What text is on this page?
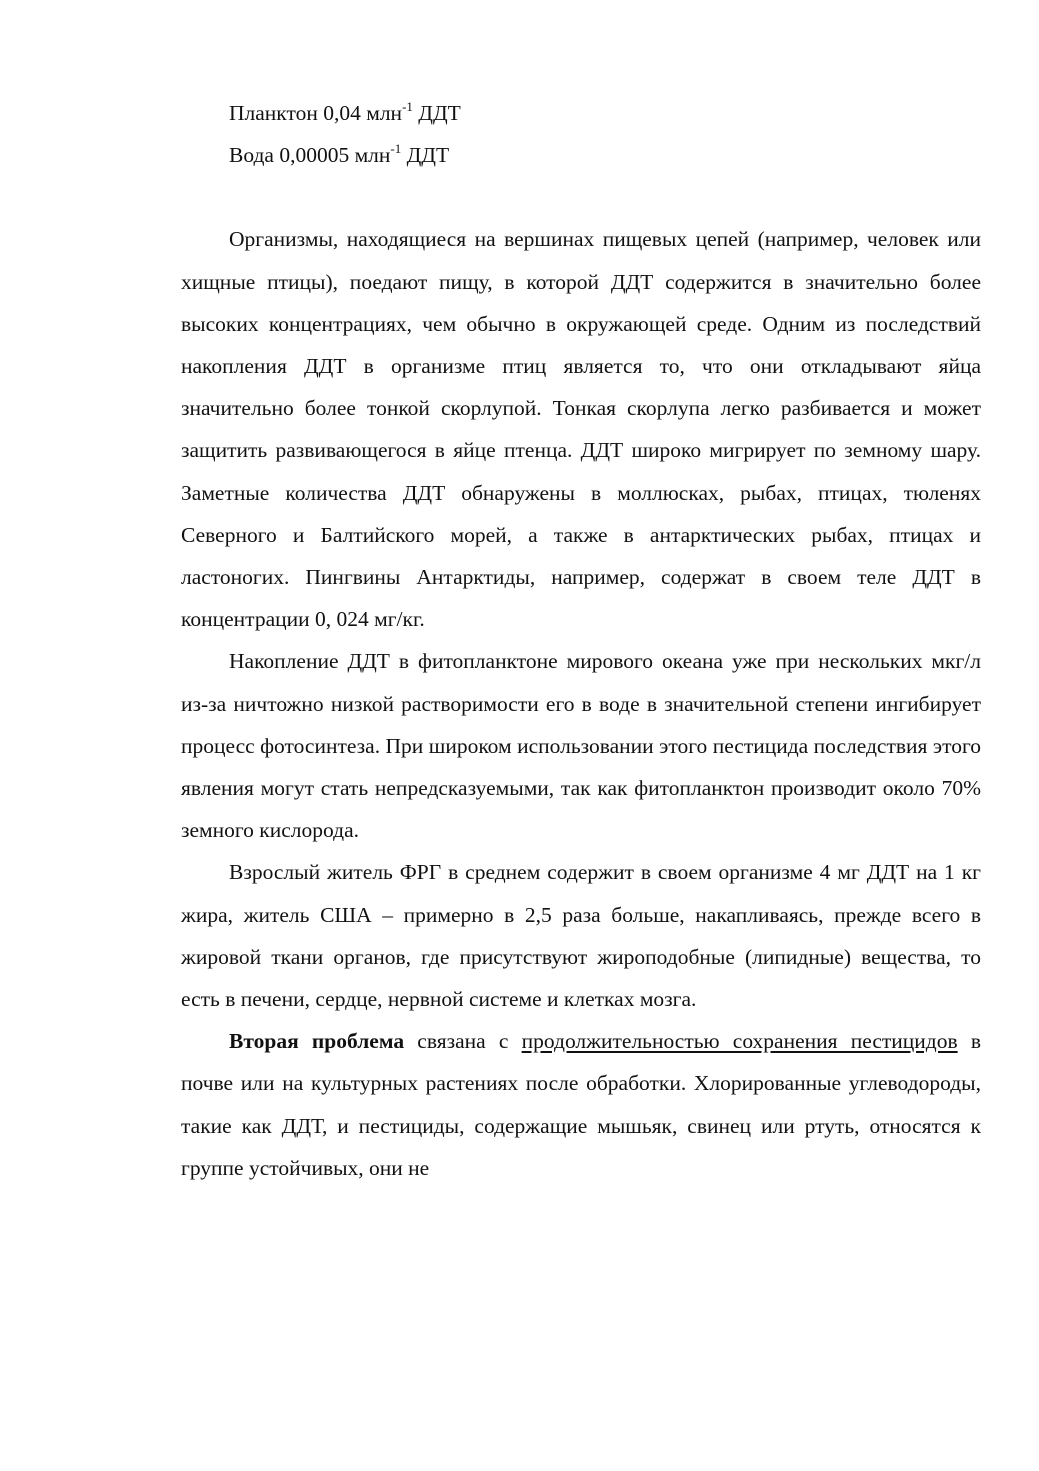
Планктон 0,04 млн$^{-1}$ ДДТ
Вода 0,00005 млн$^{-1}$ ДДТ

Организмы, находящиеся на вершинах пищевых цепей (например, человек или хищные птицы), поедают пищу, в которой ДДТ содержится в значительно более высоких концентрациях, чем обычно в окружающей среде. Одним из последствий накопления ДДТ в организме птиц является то, что они откладывают яйца значительно более тонкой скорлупой. Тонкая скорлупа легко разбивается и может защитить развивающегося в яйце птенца. ДДТ широко мигрирует по земному шару. Заметные количества ДДТ обнаружены в моллюсках, рыбах, птицах, тюленях Северного и Балтийского морей, а также в антарктических рыбах, птицах и ластоногих. Пингвины Антарктиды, например, содержат в своем теле ДДТ в концентрации 0, 024 мг/кг.

Накопление ДДТ в фитопланктоне мирового океана уже при нескольких мкг/л из-за ничтожно низкой растворимости его в воде в значительной степени ингибирует процесс фотосинтеза. При широком использовании этого пестицида последствия этого явления могут стать непредсказуемыми, так как фитопланктон производит около 70% земного кислорода.

Взрослый житель ФРГ в среднем содержит в своем организме 4 мг ДДТ на 1 кг жира, житель США – примерно в 2,5 раза больше, накапливаясь, прежде всего в жировой ткани органов, где присутствуют жироподобные (липидные) вещества, то есть в печени, сердце, нервной системе и клетках мозга.

Вторая проблема связана с продолжительностью сохранения пестицидов в почве или на культурных растениях после обработки. Хлорированные углеводороды, такие как ДДТ, и пестициды, содержащие мышьяк, свинец или ртуть, относятся к группе устойчивых, они не
